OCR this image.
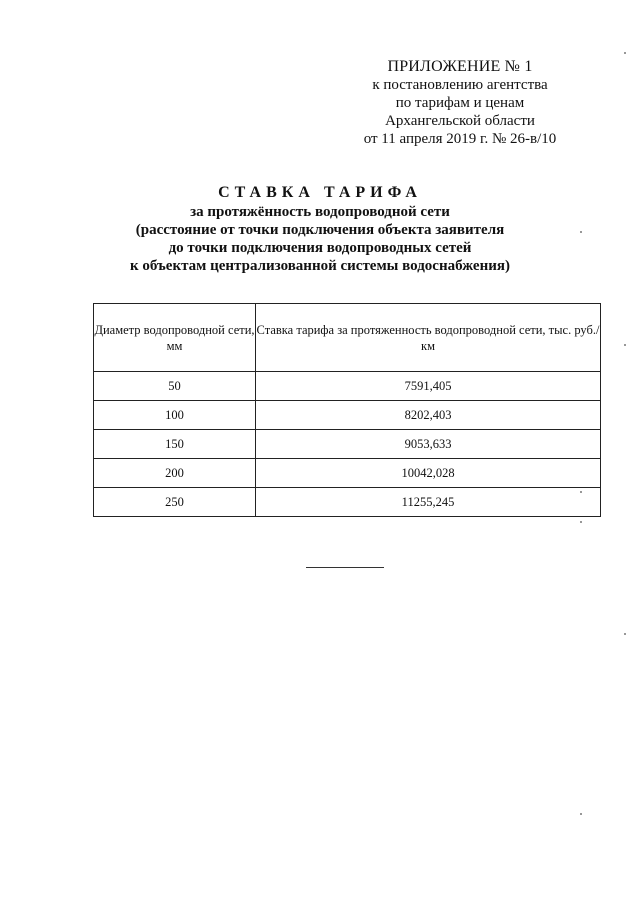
ПРИЛОЖЕНИЕ № 1
к постановлению агентства
по тарифам и ценам
Архангельской области
от 11 апреля 2019 г. № 26-в/10
СТАВКА ТАРИФА
за протяжённость водопроводной сети
(расстояние от точки подключения объекта заявителя
до точки подключения водопроводных сетей
к объектам централизованной системы водоснабжения)
Диаметр водопроводной сети, мм	Ставка тарифа за протяженность водопроводной сети, тыс. руб./км
50	7591,405
100	8202,403
150	9053,633
200	10042,028
250	11255,245
